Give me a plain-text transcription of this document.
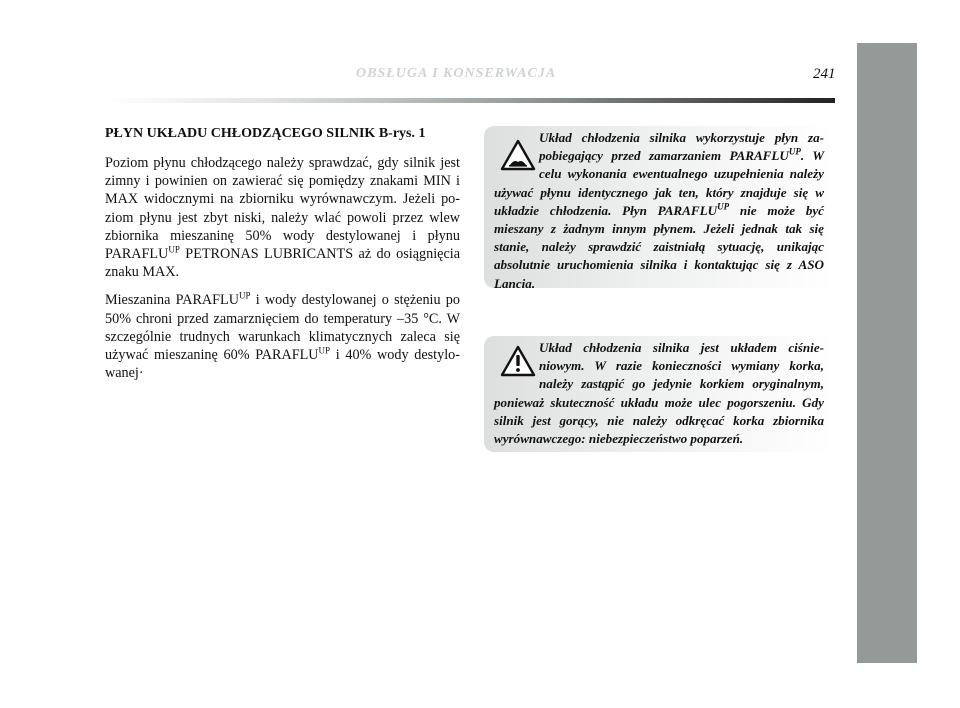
OBSŁUGA I KONSERWACJA	241
PŁYN UKŁADU CHŁODZĄCEGO SILNIK B-rys. 1

Poziom płynu chłodzącego należy sprawdzać, gdy silnik jest zimny i powinien on zawierać się pomiędzy znakami MIN i MAX widocznymi na zbiorniku wyrównawczym. Jeżeli poziom płynu jest zbyt niski, należy wlać powoli przez wlew zbiornika mieszaninę 50% wody destylowanej i płynu $PARAFLU^{UP}$ PETRONAS LUBRICANTS aż do osiągnięcia znaku MAX.

Mieszanina $PARAFLU^{UP}$ i wody destylowanej o stężeniu po 50% chroni przed zamarznięciem do temperatury –35 °C. W szczególnie trudnych warunkach klimatycznych zaleca się używać mieszaninę 60% $PARAFLU^{UP}$ i 40% wody destylowanej·

Układ chłodzenia silnika wykorzystuje płyn zapobiegający przed zamarzaniem $PARAFLU^{UP}$. W celu wykonania ewentualnego uzupełnienia należy używać płynu identycznego jak ten, który znajduje się w układzie chłodzenia. Płyn $PARAFLU^{UP}$ nie może być mieszany z żadnym innym płynem. Jeżeli jednak tak się stanie, należy sprawdzić zaistniałą sytuację, unikając absolutnie uruchomienia silnika i kontaktując się z ASO Lancia.

Układ chłodzenia silnika jest układem ciśnieniowym. W razie konieczności wymiany korka, należy zastąpić go jedynie korkiem oryginalnym, ponieważ skuteczność układu może ulec pogorszeniu. Gdy silnik jest gorący, nie należy odkręcać korka zbiornika wyrównawczego: niebezpieczeństwo poparzeń.
